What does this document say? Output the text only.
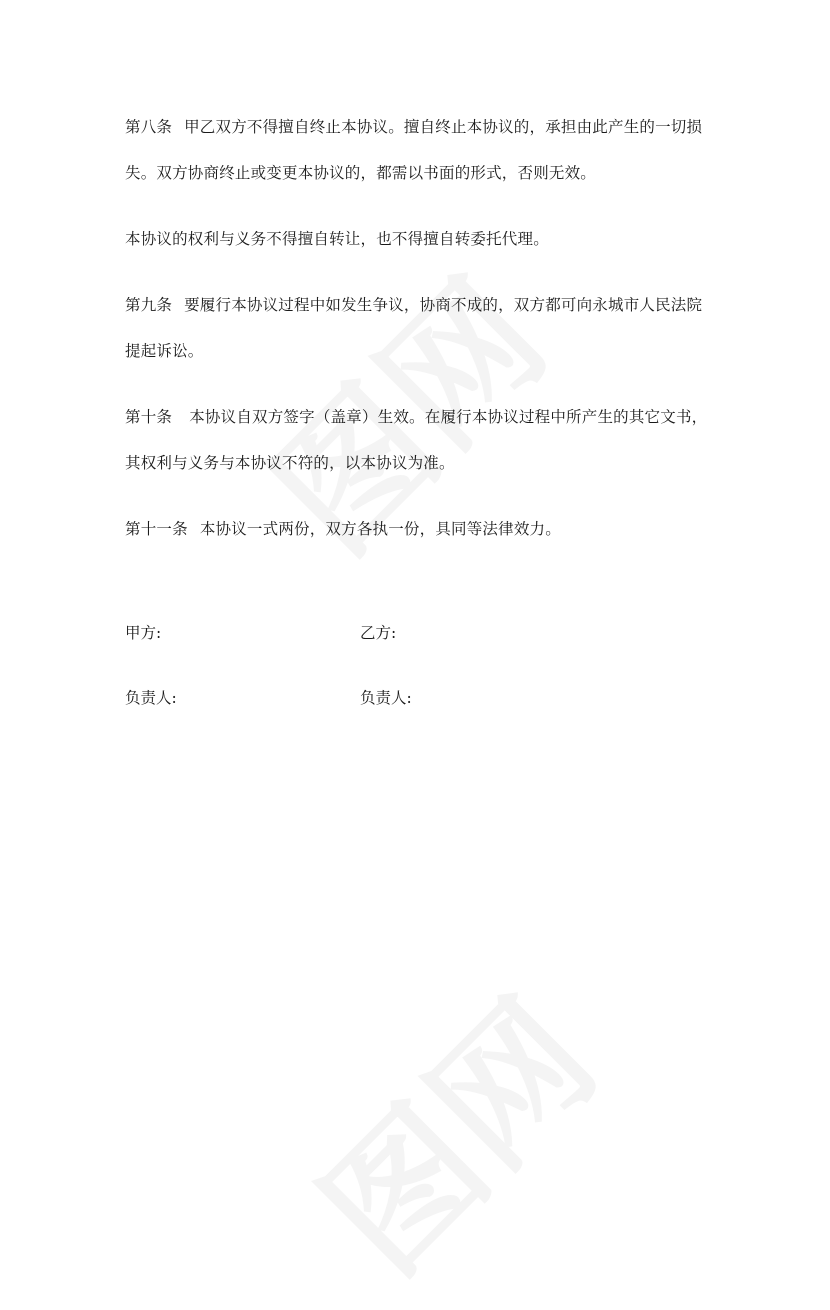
第八条 甲乙双方不得擅自终止本协议。擅自终止本协议的，承担由此产生的一切损失。双方协商终止或变更本协议的，都需以书面的形式，否则无效。

本协议的权利与义务不得擅自转让，也不得擅自转委托代理。

第九条 要履行本协议过程中如发生争议，协商不成的，双方都可向永城市人民法院提起诉讼。

第十条 本协议自双方签字（盖章）生效。在履行本协议过程中所产生的其它文书，其权利与义务与本协议不符的，以本协议为准。

第十一条 本协议一式两份，双方各执一份，具同等法律效力。

甲方:	乙方:
负责人:	负责人:
